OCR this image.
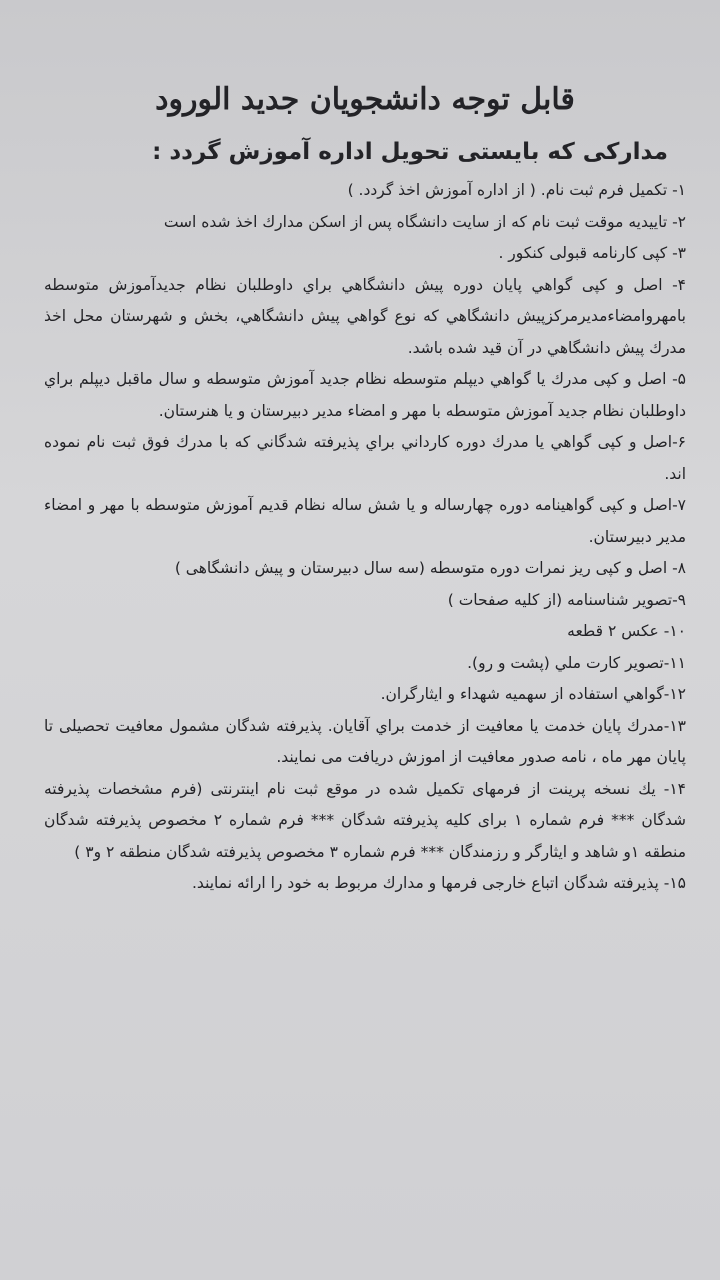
قابل توجه دانشجويان جديد الورود
مداركی كه بايستی تحويل اداره آموزش گردد :
۱- تكميل فرم ثبت نام. ( از اداره آموزش اخذ گردد. )
۲- تاييديه موقت ثبت نام كه از سايت دانشگاه پس از اسكن مدارك اخذ شده است
۳- كپی كارنامه قبولی كنكور .
۴- اصل و كپی گواهي پايان دوره پيش دانشگاهي براي داوطلبان نظام جديدآموزش متوسطه بامهروامضاءمديرمركزپيش دانشگاهي كه نوع گواهي پيش دانشگاهي، بخش و شهرستان محل اخذ مدرك پيش دانشگاهي در آن قيد شده باشد.
۵- اصل و كپی مدرك يا گواهي ديپلم متوسطه نظام جديد آموزش متوسطه و سال ماقبل ديپلم براي داوطلبان نظام جديد آموزش متوسطه با مهر و امضاء مدير دبيرستان و يا هنرستان.
۶-اصل و كپی گواهي يا مدرك دوره كارداني براي پذيرفته شدگاني كه با مدرك فوق ثبت نام نموده اند.
۷-اصل و كپی گواهينامه دوره چهارساله و يا شش ساله نظام قديم آموزش متوسطه با مهر و امضاء مدير دبيرستان.
۸- اصل و كپی ريز نمرات دوره متوسطه (سه سال دبيرستان و پيش دانشگاهی )
۹-تصوير شناسنامه (از كليه صفحات )
۱۰- عكس ۲ قطعه
۱۱-تصوير كارت ملي (پشت و رو).
۱۲-گواهي استفاده از سهميه شهداء و ايثارگران.
۱۳-مدرك پايان خدمت يا معافيت از خدمت براي آقايان. پذيرفته شدگان مشمول معافيت تحصيلی تا پايان مهر ماه ، نامه صدور معافيت از اموزش دريافت می نمايند.
۱۴- يك نسخه پرينت از فرمهای تكميل شده در موقع ثبت نام اينترنتی (فرم مشخصات پذيرفته شدگان *** فرم شماره ۱ برای كليه پذيرفته شدگان *** فرم شماره ۲ مخصوص پذيرفته شدگان منطقه ۱و شاهد و ايثارگر و رزمندگان *** فرم شماره ۳ مخصوص پذيرفته شدگان منطقه ۲ و۳ )
۱۵- پذيرفته شدگان اتباع خارجی فرمها و مدارك مربوط به خود را ارائه نمايند.
